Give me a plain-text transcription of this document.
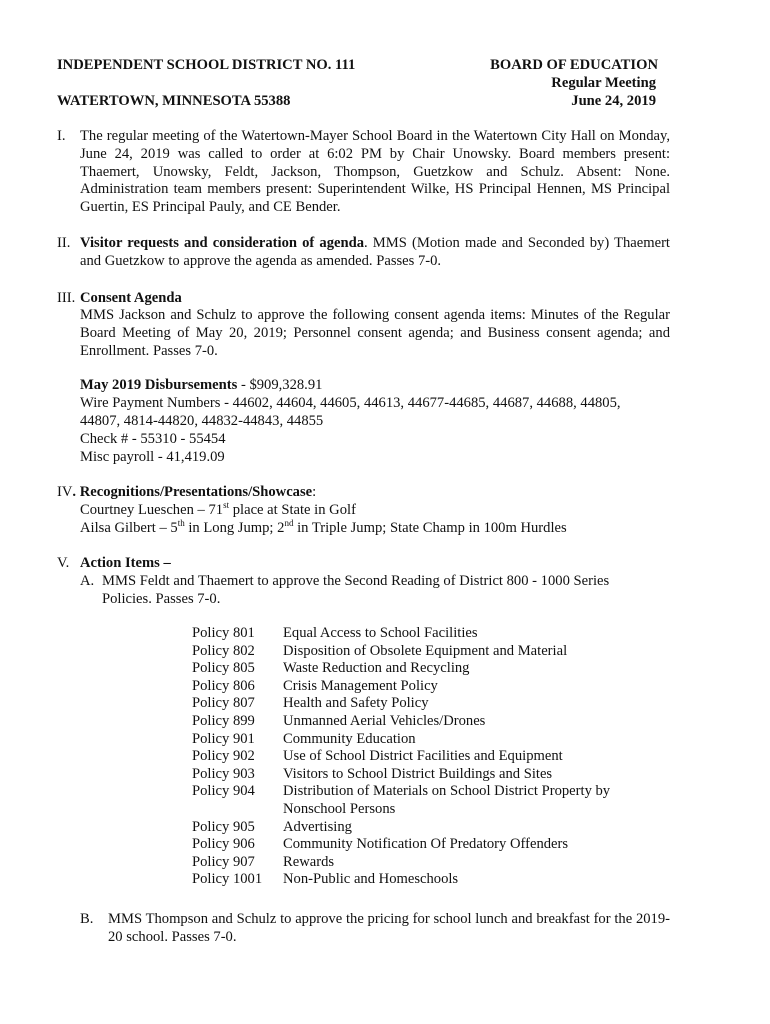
INDEPENDENT SCHOOL DISTRICT NO. 111
WATERTOWN, MINNESOTA 55388
BOARD OF EDUCATION
Regular Meeting
June 24, 2019
I. The regular meeting of the Watertown-Mayer School Board in the Watertown City Hall on Monday, June 24, 2019 was called to order at 6:02 PM by Chair Unowsky. Board members present: Thaemert, Unowsky, Feldt, Jackson, Thompson, Guetzkow and Schulz. Absent: None. Administration team members present: Superintendent Wilke, HS Principal Hennen, MS Principal Guertin, ES Principal Pauly, and CE Bender.
II. Visitor requests and consideration of agenda. MMS (Motion made and Seconded by) Thaemert and Guetzkow to approve the agenda as amended. Passes 7-0.
III. Consent Agenda
MMS Jackson and Schulz to approve the following consent agenda items: Minutes of the Regular Board Meeting of May 20, 2019; Personnel consent agenda; and Business consent agenda; and Enrollment. Passes 7-0.
May 2019 Disbursements - $909,328.91
Wire Payment Numbers - 44602, 44604, 44605, 44613, 44677-44685, 44687, 44688, 44805,
44807, 4814-44820, 44832-44843, 44855
Check # - 55310 - 55454
Misc payroll - 41,419.09
IV. Recognitions/Presentations/Showcase:
Courtney Lueschen – 71st place at State in Golf
Ailsa Gilbert – 5th in Long Jump; 2nd in Triple Jump; State Champ in 100m Hurdles
V. Action Items –
A. MMS Feldt and Thaemert to approve the Second Reading of District 800 - 1000 Series
Policies. Passes 7-0.
Policy 801 Equal Access to School Facilities
Policy 802 Disposition of Obsolete Equipment and Material
Policy 805 Waste Reduction and Recycling
Policy 806 Crisis Management Policy
Policy 807 Health and Safety Policy
Policy 899 Unmanned Aerial Vehicles/Drones
Policy 901 Community Education
Policy 902 Use of School District Facilities and Equipment
Policy 903 Visitors to School District Buildings and Sites
Policy 904 Distribution of Materials on School District Property by
Nonschool Persons
Policy 905 Advertising
Policy 906 Community Notification Of Predatory Offenders
Policy 907 Rewards
Policy 1001 Non-Public and Homeschools
B. MMS Thompson and Schulz to approve the pricing for school lunch and breakfast for the 2019-20 school. Passes 7-0.
